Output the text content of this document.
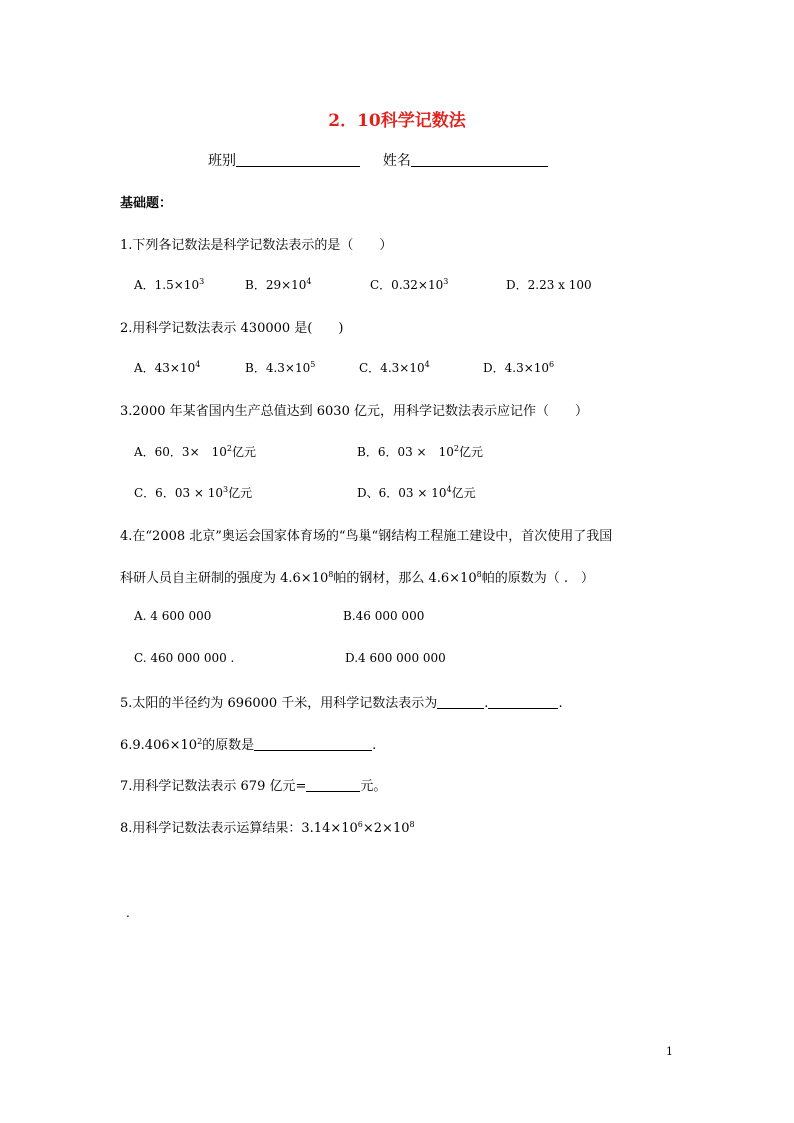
2．10科学记数法
班别	姓名
基础题：
1.下列各记数法是科学记数法表示的是（　　）
A．$1.5\times 10^3$	B．$29\times 10^4$	C．$0.32\times 10^3$	D．2.23 x 100
2.用科学记数法表示 430000 是(　　)
A．$43\times 10^4$	B．$4.3\times 10^5$	C．$4.3\times 10^4$	D．$4.3\times 10^6$
3.2000 年某省国内生产总值达到 6030 亿元，用科学记数法表示应记作（　　）
A．60．3×　$10^2$亿元	B．6．03 ×　$10^2$亿元
C．6．$03 \times 10^3$亿元	D、6．$03 \times 10^4$亿元
4.在“2008 北京”奥运会国家体育场的“鸟巢“钢结构工程施工建设中，首次使用了我国
科研人员自主研制的强度为 $4.6\times 10^8$帕的钢材，那么 $4.6\times 10^8$帕的原数为（ .　）
A. 4 600 000	B.46 000 000
C. 460 000 000 .	D.4 600 000 000
5.太阳的半径约为 696000 千米，用科学记数法表示为	.	.
$6.9.406\times 10^2$的原数是	.
7.用科学记数法表示 679 亿元=	元。
8.用科学记数法表示运算结果：$3.14\times 10^6\times 2\times 10^8$
.
1
